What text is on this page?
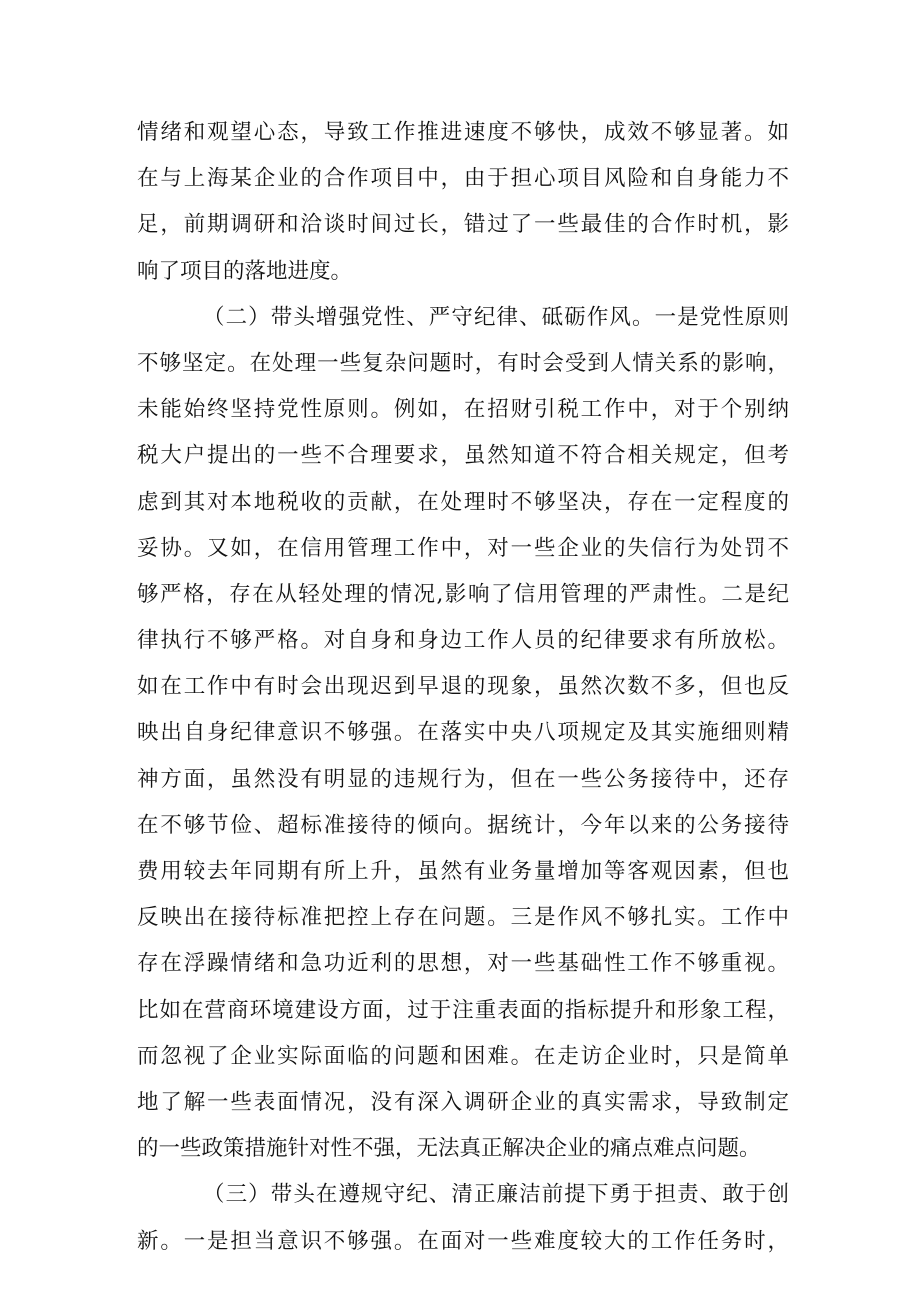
情绪和观望心态，导致工作推进速度不够快，成效不够显著。如
在与上海某企业的合作项目中，由于担心项目风险和自身能力不
足，前期调研和洽谈时间过长，错过了一些最佳的合作时机，影
响了项目的落地进度。
（二）带头增强党性、严守纪律、砥砺作风。一是党性原则
不够坚定。在处理一些复杂问题时，有时会受到人情关系的影响，
未能始终坚持党性原则。例如，在招财引税工作中，对于个别纳
税大户提出的一些不合理要求，虽然知道不符合相关规定，但考
虑到其对本地税收的贡献，在处理时不够坚决，存在一定程度的
妥协。又如，在信用管理工作中，对一些企业的失信行为处罚不
够严格，存在从轻处理的情况,影响了信用管理的严肃性。二是纪
律执行不够严格。对自身和身边工作人员的纪律要求有所放松。
如在工作中有时会出现迟到早退的现象，虽然次数不多，但也反
映出自身纪律意识不够强。在落实中央八项规定及其实施细则精
神方面，虽然没有明显的违规行为，但在一些公务接待中，还存
在不够节俭、超标准接待的倾向。据统计，今年以来的公务接待
费用较去年同期有所上升，虽然有业务量增加等客观因素，但也
反映出在接待标准把控上存在问题。三是作风不够扎实。工作中
存在浮躁情绪和急功近利的思想，对一些基础性工作不够重视。
比如在营商环境建设方面，过于注重表面的指标提升和形象工程，
而忽视了企业实际面临的问题和困难。在走访企业时，只是简单
地了解一些表面情况，没有深入调研企业的真实需求，导致制定
的一些政策措施针对性不强，无法真正解决企业的痛点难点问题。
（三）带头在遵规守纪、清正廉洁前提下勇于担责、敢于创
新。一是担当意识不够强。在面对一些难度较大的工作任务时，
